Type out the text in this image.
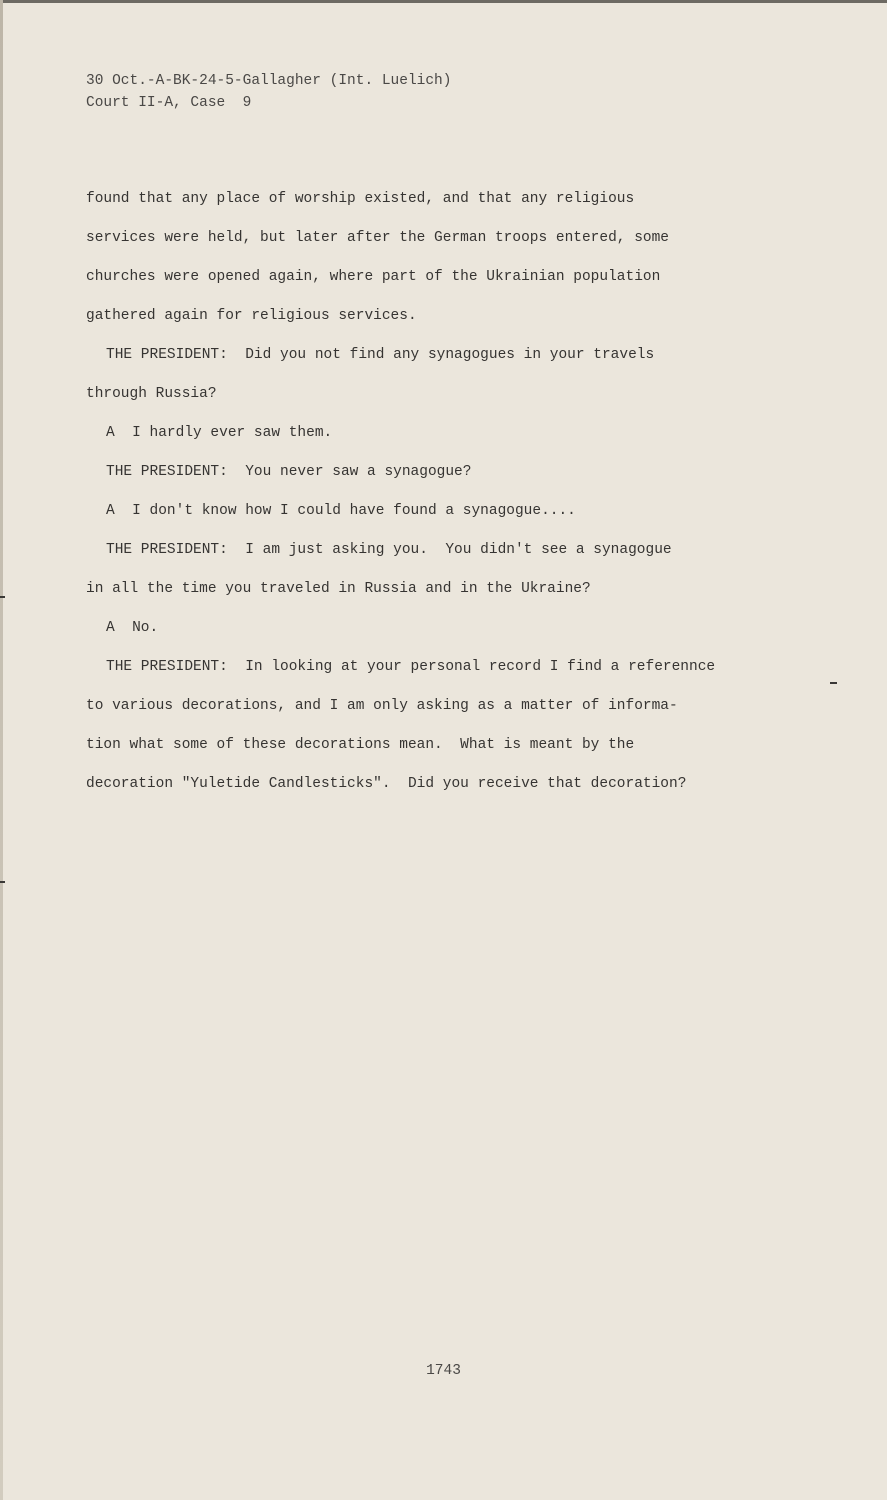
30 Oct.-A-BK-24-5-Gallagher (Int. Luelich)
Court II-A, Case  9
found that any place of worship existed, and that any religious
services were held, but later after the German troops entered, some
churches were opened again, where part of the Ukrainian population
gathered again for religious services.
THE PRESIDENT:  Did you not find any synagogues in your travels
through Russia?
A  I hardly ever saw them.
THE PRESIDENT:  You never saw a synagogue?
A  I don't know how I could have found a synagogue....
THE PRESIDENT:  I am just asking you.  You didn't see a synagogue
in all the time you traveled in Russia and in the Ukraine?
A  No.
THE PRESIDENT:  In looking at your personal record I find a referennce
to various decorations, and I am only asking as a matter of informa-
tion what some of these decorations mean.  What is meant by the
decoration "Yuletide Candlesticks".  Did you receive that decoration?
1743
